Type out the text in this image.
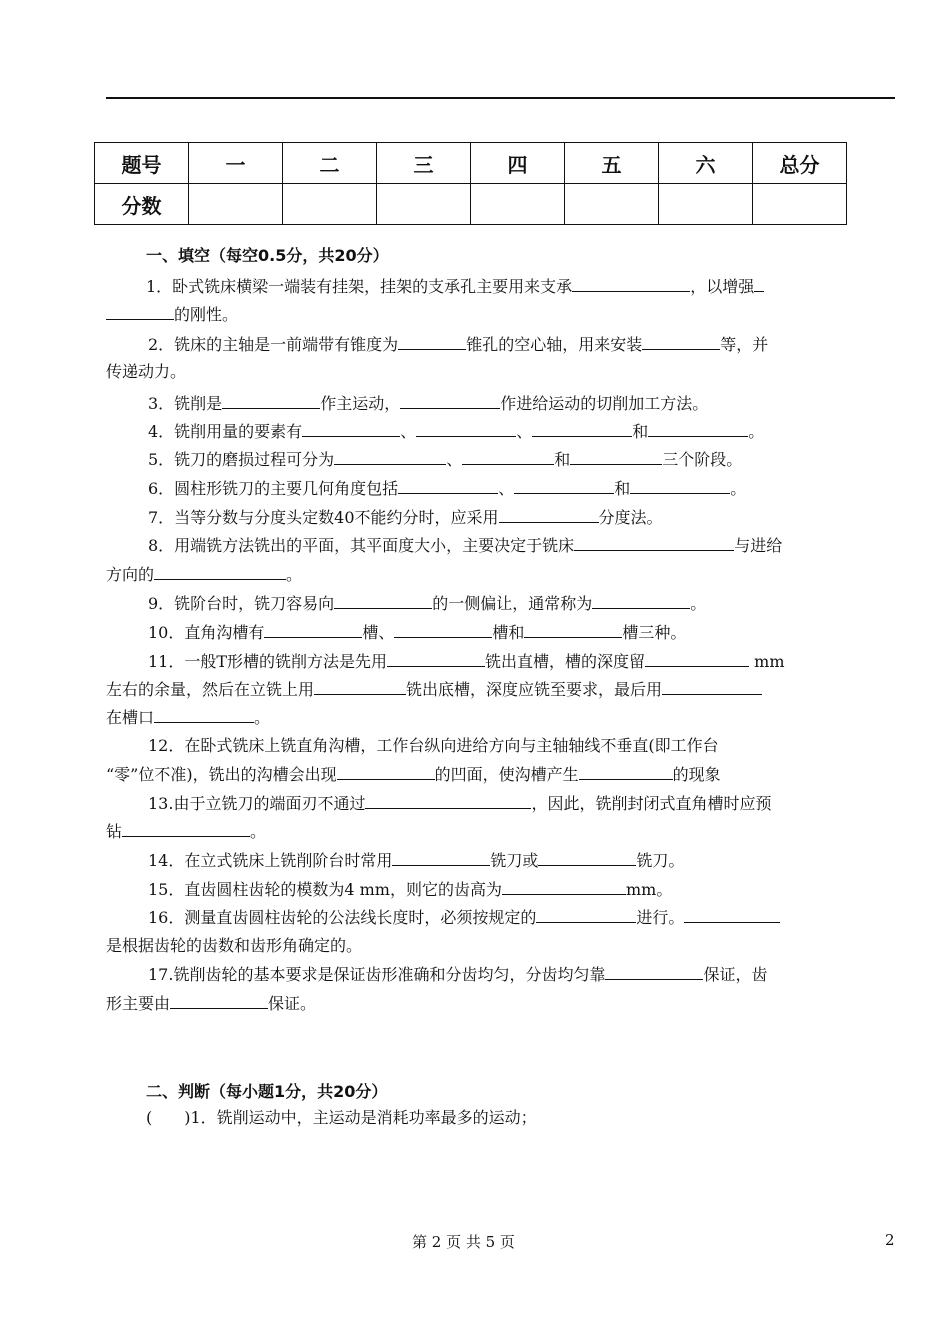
题号	一	二	三	四	五	六	总分
分数							
一、填空（每空0.5分，共20分）
1．卧式铣床横梁一端装有挂架，挂架的支承孔主要用来支承	，以增强
的刚性。
2．铣床的主轴是一前端带有锥度为	锥孔的空心轴，用来安装	等，并
传递动力。
3．铣削是	作主运动，	作进给运动的切削加工方法。
4．铣削用量的要素有	、	、	和	。
5．铣刀的磨损过程可分为	、	和	三个阶段。
6．圆柱形铣刀的主要几何角度包括	、	和	。
7．当等分数与分度头定数40不能约分时，应采用	分度法。
8．用端铣方法铣出的平面，其平面度大小，主要决定于铣床	与进给
方向的	。
9．铣阶台时，铣刀容易向	的一侧偏让，通常称为	。
10．直角沟槽有	槽、	槽和	槽三种。
11．一般T形槽的铣削方法是先用	铣出直槽，槽的深度留	mm
左右的余量，然后在立铣上用	铣出底槽，深度应铣至要求，最后用
在槽口	。
12．在卧式铣床上铣直角沟槽，工作台纵向进给方向与主轴轴线不垂直(即工作台
“零”位不准)，铣出的沟槽会出现	的凹面，使沟槽产生	的现象
13.由于立铣刀的端面刃不通过	，因此，铣削封闭式直角槽时应预
钻	。
14．在立式铣床上铣削阶台时常用	铣刀或	铣刀。
15．直齿圆柱齿轮的模数为4 mm，则它的齿高为	mm。
16．测量直齿圆柱齿轮的公法线长度时，必须按规定的	进行。
是根据齿轮的齿数和齿形角确定的。
17.铣削齿轮的基本要求是保证齿形准确和分齿均匀，分齿均匀靠	保证，齿
形主要由	保证。
二、判断（每小题1分，共20分）
(　　)1．铣削运动中，主运动是消耗功率最多的运动；
第 2 页 共 5 页	2
